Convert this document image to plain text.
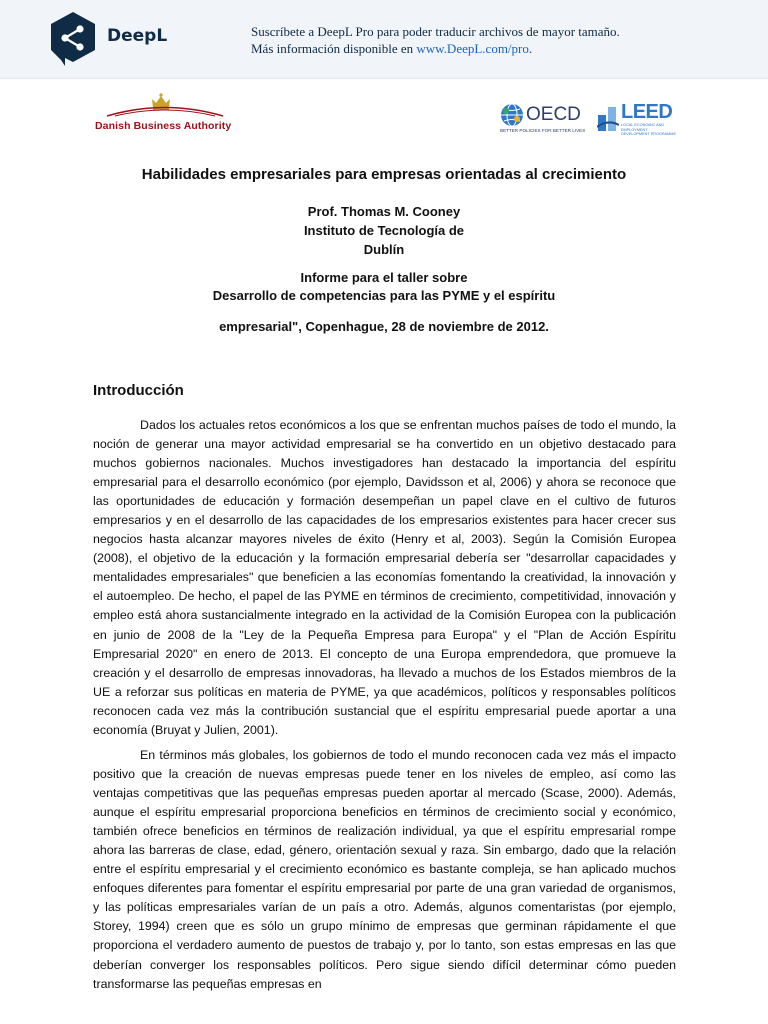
DeepL	Suscríbete a DeepL Pro para poder traducir archivos de mayor tamaño.
Más información disponible en www.DeepL.com/pro.
Danish Business Authority
OECD
BETTER POLICIES FOR BETTER LIVES
LEED
LOCAL ECONOMIC AND EMPLOYMENT DEVELOPMENT PROGRAMME
Habilidades empresariales para empresas orientadas al crecimiento
Prof. Thomas M. Cooney
Instituto de Tecnología de
Dublín
Informe para el taller sobre
Desarrollo de competencias para las PYME y el espíritu
empresarial", Copenhague, 28 de noviembre de 2012.
Introducción

Dados los actuales retos económicos a los que se enfrentan muchos países de todo el mundo, la noción de generar una mayor actividad empresarial se ha convertido en un objetivo destacado para muchos gobiernos nacionales. Muchos investigadores han destacado la importancia del espíritu empresarial para el desarrollo económico (por ejemplo, Davidsson et al, 2006) y ahora se reconoce que las oportunidades de educación y formación desempeñan un papel clave en el cultivo de futuros empresarios y en el desarrollo de las capacidades de los empresarios existentes para hacer crecer sus negocios hasta alcanzar mayores niveles de éxito (Henry et al, 2003). Según la Comisión Europea (2008), el objetivo de la educación y la formación empresarial debería ser "desarrollar capacidades y mentalidades empresariales" que beneficien a las economías fomentando la creatividad, la innovación y el autoempleo. De hecho, el papel de las PYME en términos de crecimiento, competitividad, innovación y empleo está ahora sustancialmente integrado en la actividad de la Comisión Europea con la publicación en junio de 2008 de la "Ley de la Pequeña Empresa para Europa" y el "Plan de Acción Espíritu Empresarial 2020" en enero de 2013. El concepto de una Europa emprendedora, que promueve la creación y el desarrollo de empresas innovadoras, ha llevado a muchos de los Estados miembros de la UE a reforzar sus políticas en materia de PYME, ya que académicos, políticos y responsables políticos reconocen cada vez más la contribución sustancial que el espíritu empresarial puede aportar a una economía (Bruyat y Julien, 2001).

En términos más globales, los gobiernos de todo el mundo reconocen cada vez más el impacto positivo que la creación de nuevas empresas puede tener en los niveles de empleo, así como las ventajas competitivas que las pequeñas empresas pueden aportar al mercado (Scase, 2000). Además, aunque el espíritu empresarial proporciona beneficios en términos de crecimiento social y económico, también ofrece beneficios en términos de realización individual, ya que el espíritu empresarial rompe ahora las barreras de clase, edad, género, orientación sexual y raza. Sin embargo, dado que la relación entre el espíritu empresarial y el crecimiento económico es bastante compleja, se han aplicado muchos enfoques diferentes para fomentar el espíritu empresarial por parte de una gran variedad de organismos, y las políticas empresariales varían de un país a otro. Además, algunos comentaristas (por ejemplo, Storey, 1994) creen que es sólo un grupo mínimo de empresas que germinan rápidamente el que proporciona el verdadero aumento de puestos de trabajo y, por lo tanto, son estas empresas en las que deberían converger los responsables políticos. Pero sigue siendo difícil determinar cómo pueden transformarse las pequeñas empresas en
